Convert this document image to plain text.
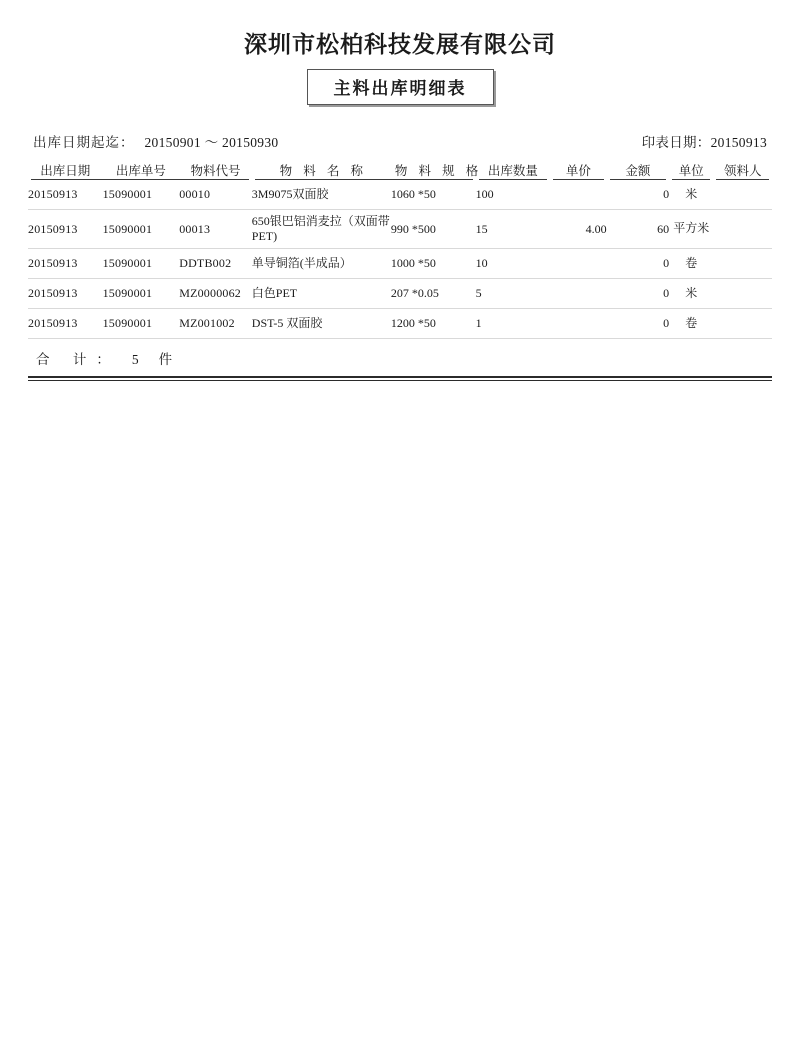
深圳市松柏科技发展有限公司
主料出库明细表
出库日期起迄： 20150901 ～ 20150930	印表日期：20150913
出库日期	出库单号	物料代号	物 料 名 称	物 料 规 格	出库数量	单价	金额	单位	领料人

20150913	15090001	00010	3M9075双面胶	1060 *50	100		0	米	
20150913	15090001	00013	650银巴铝消麦拉（双面带PET)	990 *500	15	4.00	60	平方米	
20150913	15090001	DDTB002	单导铜箔(半成品）	1000 *50	10		0	卷	
20150913	15090001	MZ0000062	白色PET	207 *0.05	5		0	米	
20150913	15090001	MZ001002	DST-5 双面胶	1200 *50	1		0	卷	
合 计： 5 件
